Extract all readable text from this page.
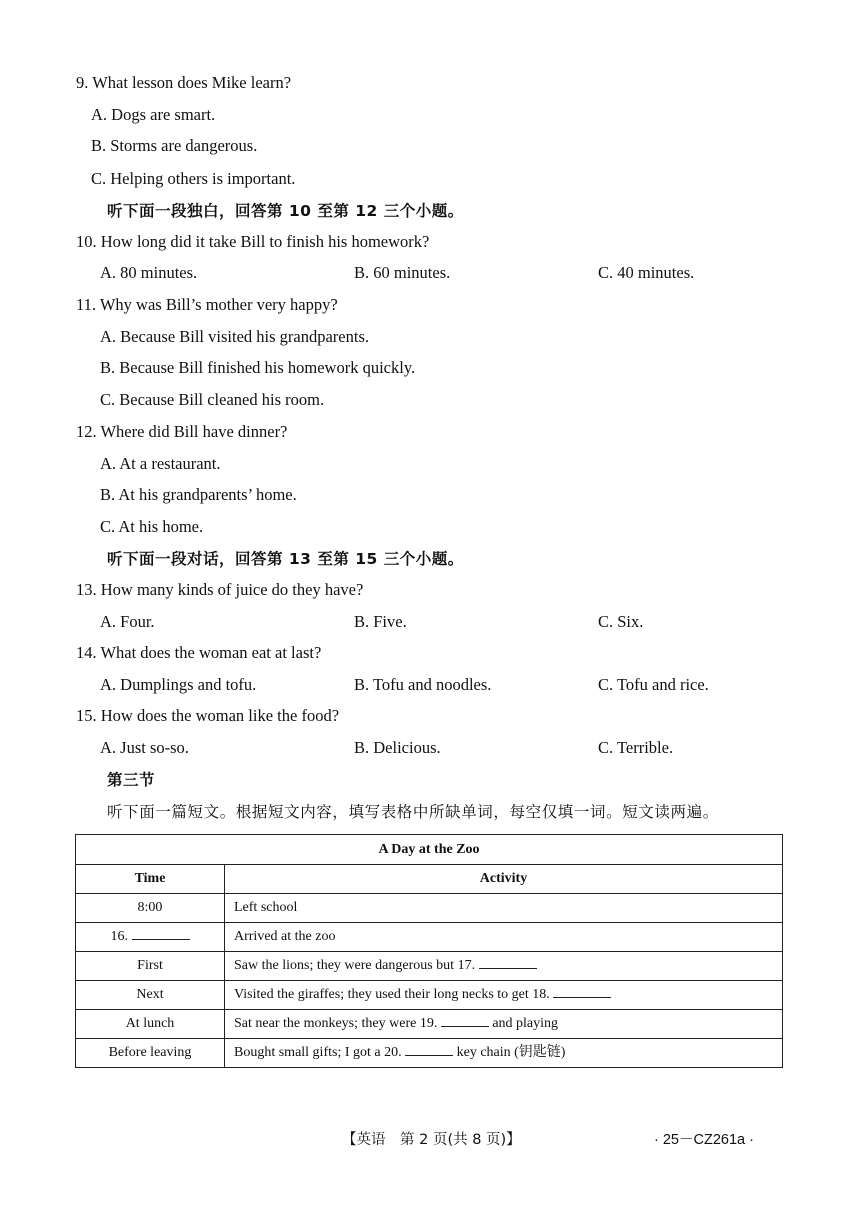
9. What lesson does Mike learn?
A. Dogs are smart.
B. Storms are dangerous.
C. Helping others is important.
听下面一段独白，回答第 10 至第 12 三个小题。
10. How long did it take Bill to finish his homework?
A. 80 minutes.	B. 60 minutes.	C. 40 minutes.
11. Why was Bill’s mother very happy?
A. Because Bill visited his grandparents.
B. Because Bill finished his homework quickly.
C. Because Bill cleaned his room.
12. Where did Bill have dinner?
A. At a restaurant.
B. At his grandparents’ home.
C. At his home.
听下面一段对话，回答第 13 至第 15 三个小题。
13. How many kinds of juice do they have?
A. Four.	B. Five.	C. Six.
14. What does the woman eat at last?
A. Dumplings and tofu.	B. Tofu and noodles.	C. Tofu and rice.
15. How does the woman like the food?
A. Just so-so.	B. Delicious.	C. Terrible.
第三节
听下面一篇短文。根据短文内容，填写表格中所缺单词，每空仅填一词。短文读两遍。
A Day at the Zoo	
Time	Activity
8:00	Left school
16.	Arrived at the zoo
First	Saw the lions; they were dangerous but 17.
Next	Visited the giraffes; they used their long necks to get 18.
At lunch	Sat near the monkeys; they were 19. and playing
Before leaving	Bought small gifts; I got a 20. key chain (钥匙链)
【英语　第 2 页(共 8 页)】	· 25－CZ261a ·
